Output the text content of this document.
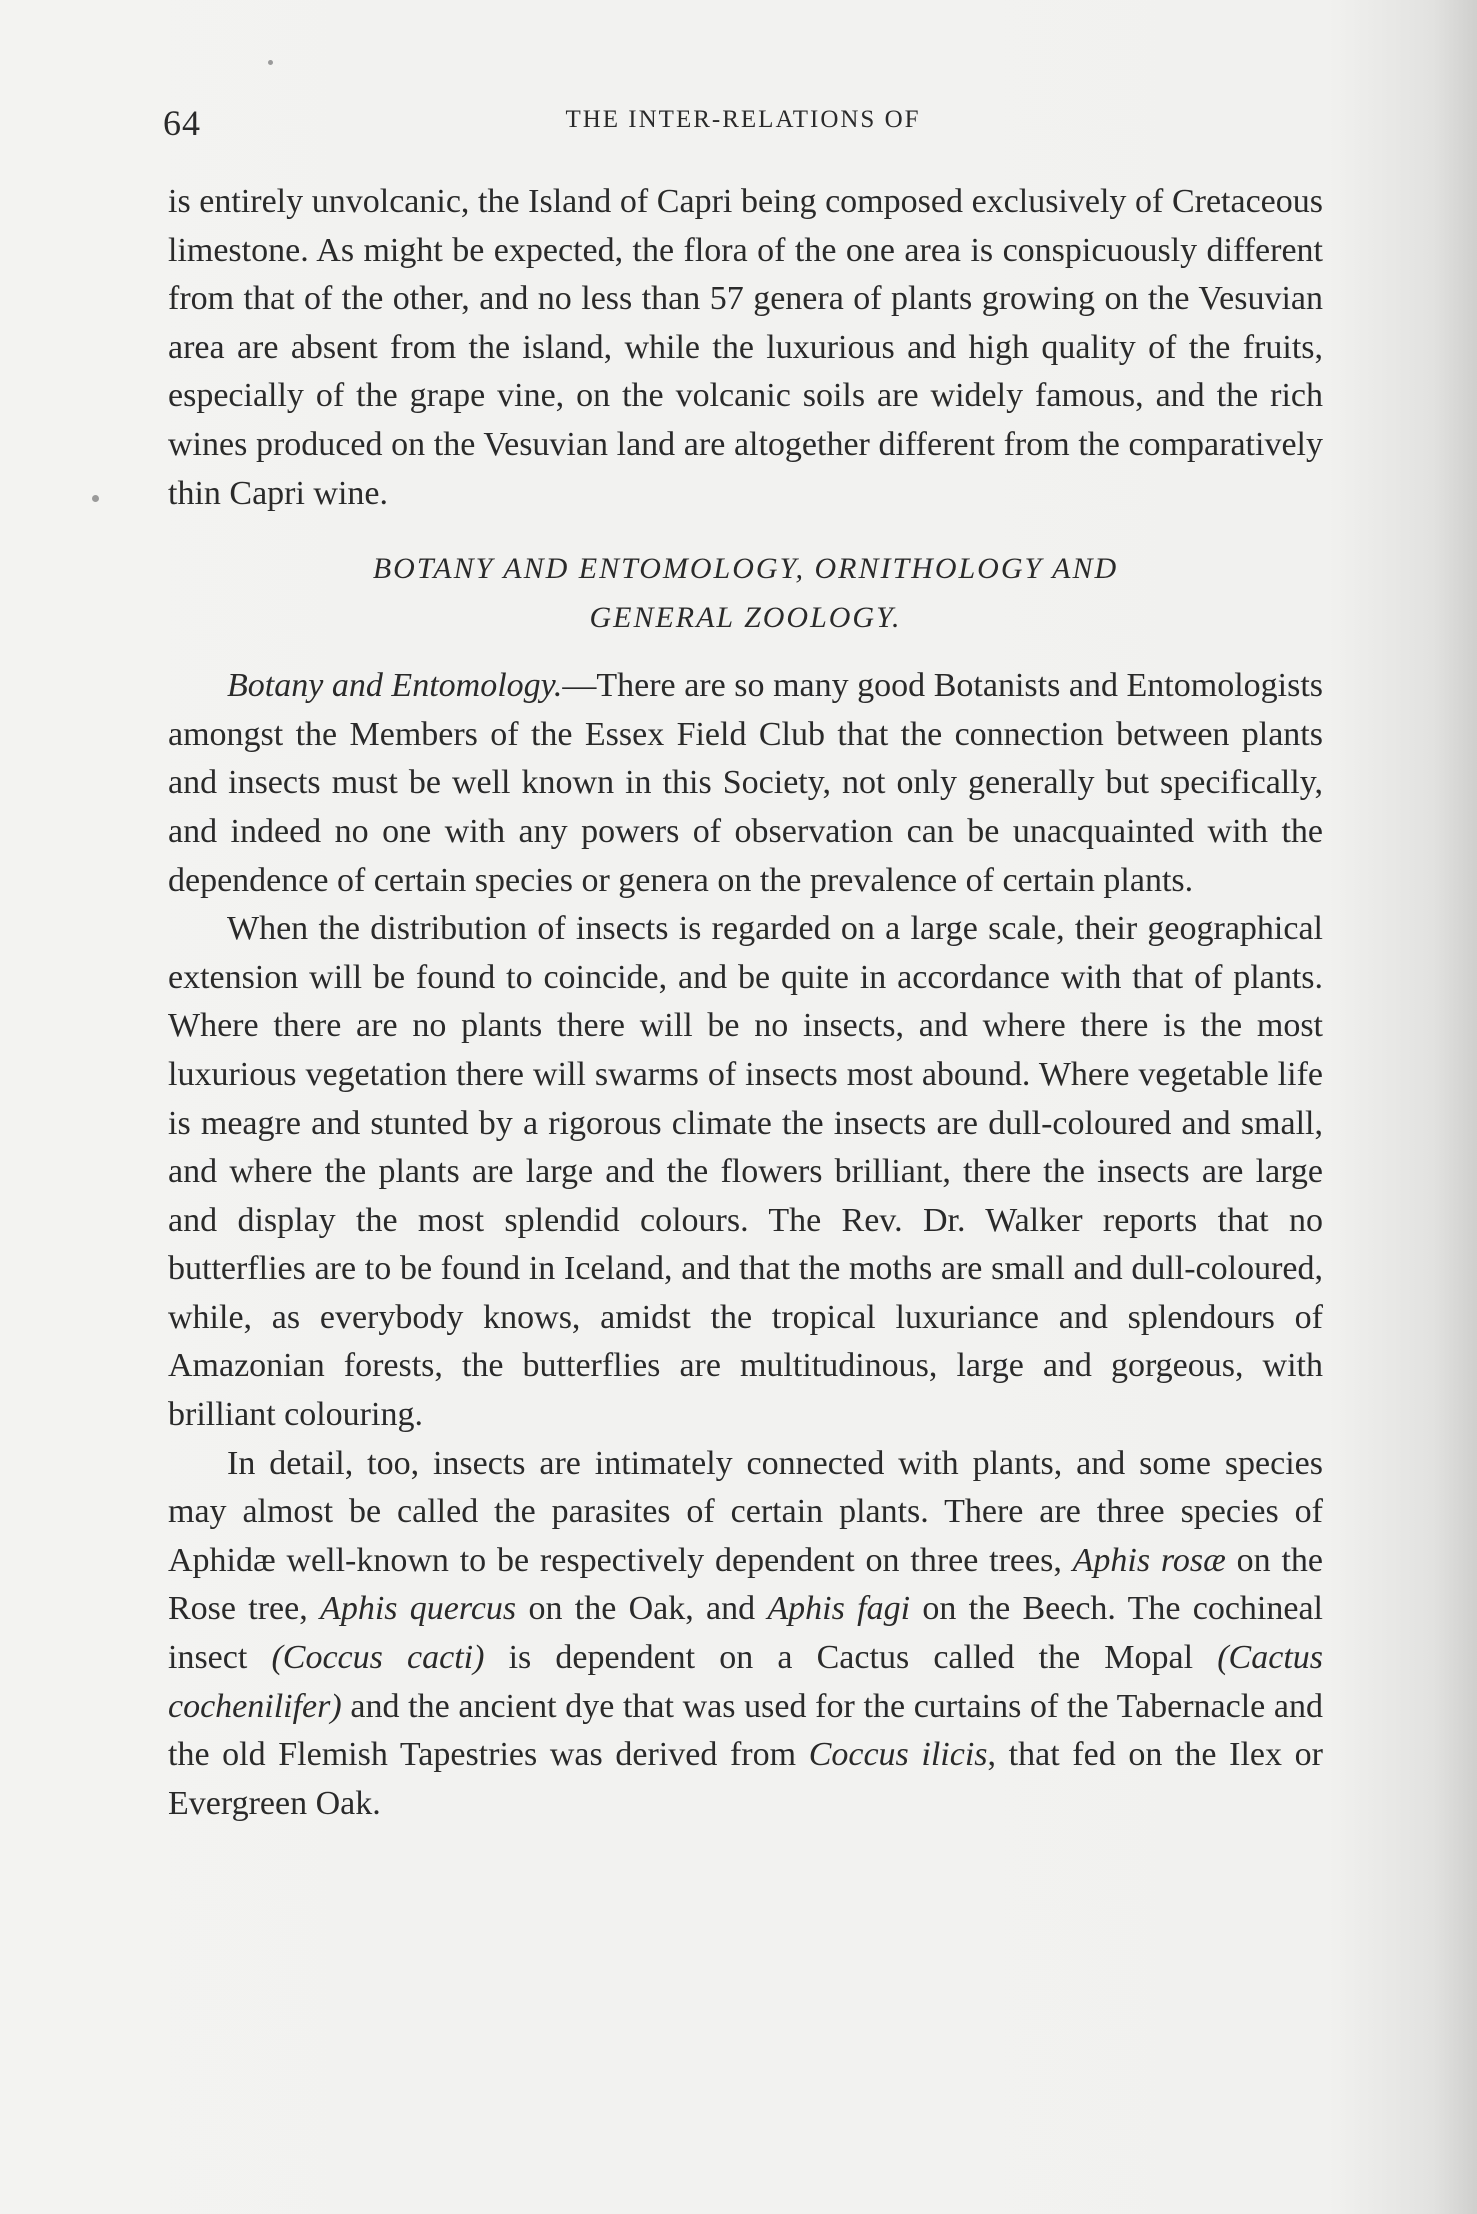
64	THE INTER-RELATIONS OF

is entirely unvolcanic, the Island of Capri being composed exclusively of Cretaceous limestone. As might be expected, the flora of the one area is conspicuously different from that of the other, and no less than 57 genera of plants growing on the Vesuvian area are absent from the island, while the luxurious and high quality of the fruits, especially of the grape vine, on the volcanic soils are widely famous, and the rich wines produced on the Vesuvian land are altogether different from the comparatively thin Capri wine.

BOTANY AND ENTOMOLOGY, ORNITHOLOGY AND
GENERAL ZOOLOGY.

Botany and Entomology.—There are so many good Botanists and Entomologists amongst the Members of the Essex Field Club that the connection between plants and insects must be well known in this Society, not only generally but specifically, and indeed no one with any powers of observation can be unacquainted with the dependence of certain species or genera on the prevalence of certain plants.

When the distribution of insects is regarded on a large scale, their geographical extension will be found to coincide, and be quite in accordance with that of plants. Where there are no plants there will be no insects, and where there is the most luxurious vegetation there will swarms of insects most abound. Where vegetable life is meagre and stunted by a rigorous climate the insects are dull-coloured and small, and where the plants are large and the flowers brilliant, there the insects are large and display the most splendid colours. The Rev. Dr. Walker reports that no butterflies are to be found in Iceland, and that the moths are small and dull-coloured, while, as everybody knows, amidst the tropical luxuriance and splendours of Amazonian forests, the butterflies are multitudinous, large and gorgeous, with brilliant colouring.

In detail, too, insects are intimately connected with plants, and some species may almost be called the parasites of certain plants. There are three species of Aphidæ well-known to be respectively dependent on three trees, Aphis rosæ on the Rose tree, Aphis quercus on the Oak, and Aphis fagi on the Beech. The cochineal insect (Coccus cacti) is dependent on a Cactus called the Mopal (Cactus cochenilifer) and the ancient dye that was used for the curtains of the Tabernacle and the old Flemish Tapestries was derived from Coccus ilicis, that fed on the Ilex or Evergreen Oak.
